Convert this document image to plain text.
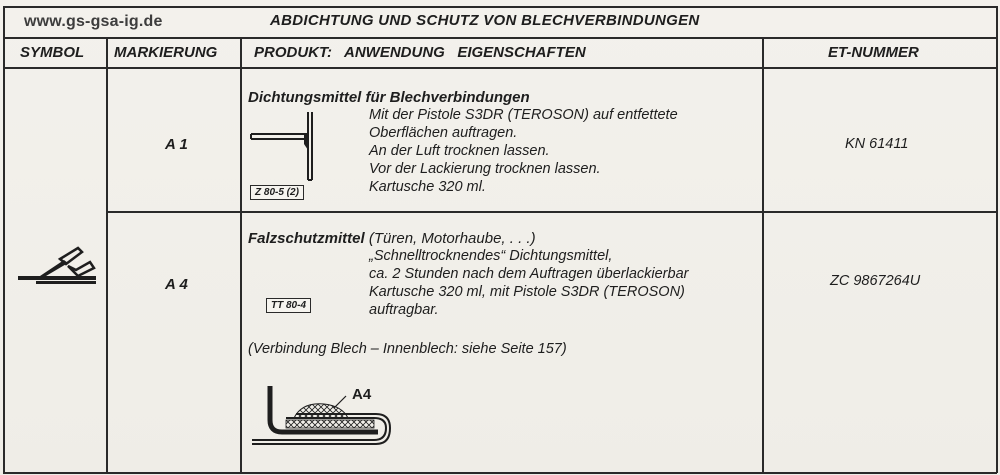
www.gs-gsa-ig.de	ABDICHTUNG UND SCHUTZ VON BLECHVERBINDUNGEN
SYMBOL MARKIERUNG PRODUKT:   ANWENDUNG   EIGENSCHAFTEN	ET-NUMMER
A 1
Dichtungsmittel für Blechverbindungen
Mit der Pistole S3DR (TEROSON) auf entfettete
Oberflächen auftragen.
An der Luft trocknen lassen.
Vor der Lackierung trocknen lassen.
Kartusche 320 ml.
Z 80-5 (2)
KN 61411
A 4
Falzschutzmittel (Türen, Motorhaube, . . .)
„Schnelltrocknendes“ Dichtungsmittel,
ca. 2 Stunden nach dem Auftragen überlackierbar
Kartusche 320 ml, mit Pistole S3DR (TEROSON)
auftragbar.
TT 80-4
(Verbindung Blech – Innenblech: siehe Seite 157)
A4
ZC 9867264U
